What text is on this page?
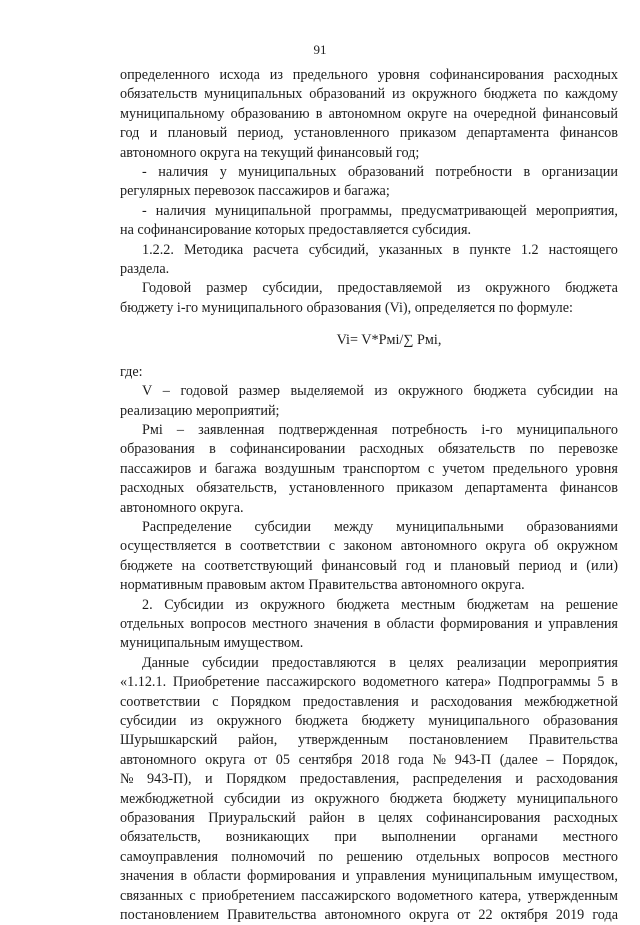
91
определенного исхода из предельного уровня софинансирования расходных
обязательств муниципальных образований из окружного бюджета по каждому
муниципальному образованию в автономном округе на очередной финансовый
год и плановый период, установленного приказом департамента финансов
автономного округа на текущий финансовый год;
- наличия у муниципальных образований потребности в организации
регулярных перевозок пассажиров и багажа;
- наличия муниципальной программы, предусматривающей мероприятия,
на софинансирование которых предоставляется субсидия.
1.2.2. Методика расчета субсидий, указанных в пункте 1.2 настоящего
раздела.
Годовой размер субсидии, предоставляемой из окружного бюджета
бюджету i-го муниципального образования (Vi), определяется по формуле:
Vi= V*Pмi/∑ Pмi,
где:
V – годовой размер выделяемой из окружного бюджета субсидии на
реализацию мероприятий;
Pмi – заявленная подтвержденная потребность i-го муниципального
образования в софинансировании расходных обязательств по перевозке
пассажиров и багажа воздушным транспортом с учетом предельного уровня
расходных обязательств, установленного приказом департамента финансов
автономного округа.
Распределение субсидии между муниципальными образованиями
осуществляется в соответствии с законом автономного округа об окружном
бюджете на соответствующий финансовый год и плановый период и (или)
нормативным правовым актом Правительства автономного округа.
2. Субсидии из окружного бюджета местным бюджетам на решение
отдельных вопросов местного значения в области формирования и управления
муниципальным имуществом.
Данные субсидии предоставляются в целях реализации мероприятия
«1.12.1. Приобретение пассажирского водометного катера» Подпрограммы 5 в
соответствии с Порядком предоставления и расходования межбюджетной
субсидии из окружного бюджета бюджету муниципального образования
Шурышкарский район, утвержденным постановлением Правительства
автономного округа от 05 сентября 2018 года № 943-П (далее – Порядок,
№ 943-П), и Порядком предоставления, распределения и расходования
межбюджетной субсидии из окружного бюджета бюджету муниципального
образования Приуральский район в целях софинансирования расходных
обязательств, возникающих при выполнении органами местного
самоуправления полномочий по решению отдельных вопросов местного
значения в области формирования и управления муниципальным имуществом,
связанных с приобретением пассажирского водометного катера, утвержденным
постановлением Правительства автономного округа от 22 октября 2019 года
